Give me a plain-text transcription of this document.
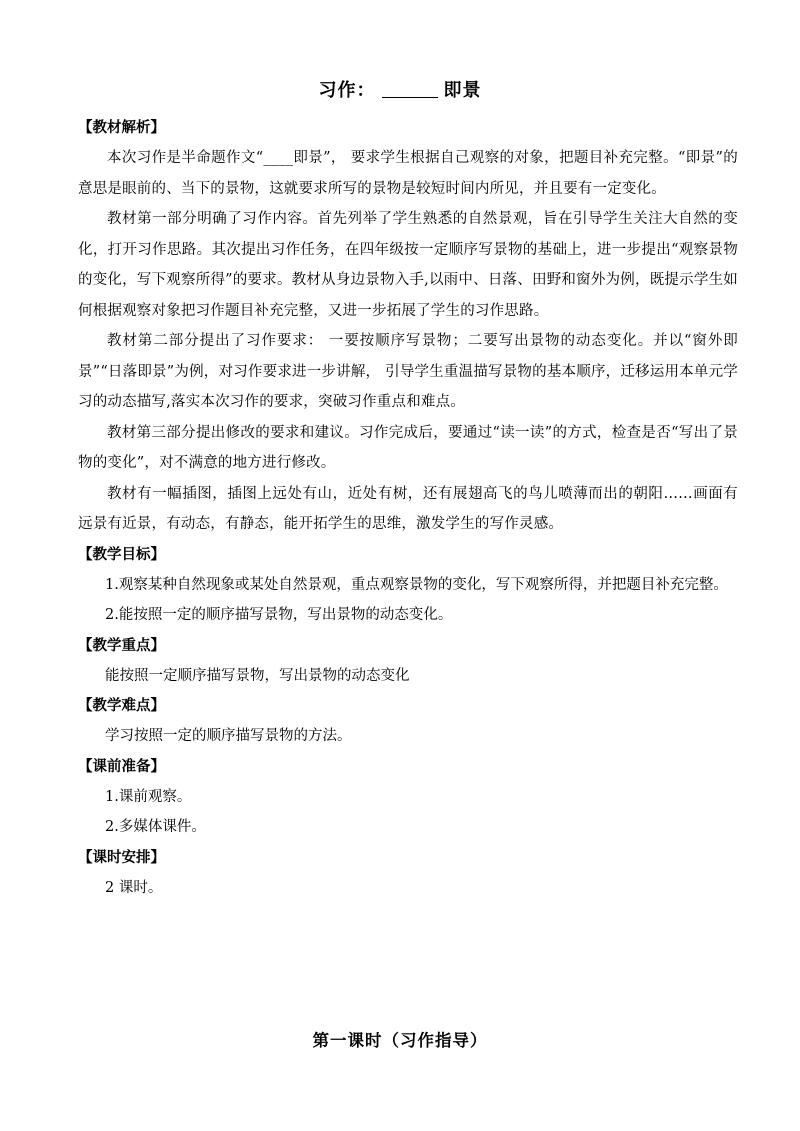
习作：	即景

【教材解析】

本次习作是半命题作文“____即景”， 要求学生根据自己观察的对象，把题目补充完整。“即景”的意思是眼前的、当下的景物，这就要求所写的景物是较短时间内所见，并且要有一定变化。

教材第一部分明确了习作内容。首先列举了学生熟悉的自然景观，旨在引导学生关注大自然的变化，打开习作思路。其次提出习作任务，在四年级按一定顺序写景物的基础上，进一步提出“观察景物的变化，写下观察所得”的要求。教材从身边景物入手,以雨中、日落、田野和窗外为例，既提示学生如何根据观察对象把习作题目补充完整，又进一步拓展了学生的习作思路。

教材第二部分提出了习作要求： 一要按顺序写景物；二要写出景物的动态变化。并以“窗外即景”“日落即景”为例，对习作要求进一步讲解， 引导学生重温描写景物的基本顺序，迁移运用本单元学习的动态描写,落实本次习作的要求，突破习作重点和难点。

教材第三部分提出修改的要求和建议。习作完成后，要通过“读一读”的方式，检查是否“写出了景物的变化”，对不满意的地方进行修改。

教材有一幅插图，插图上远处有山，近处有树，还有展翅高飞的鸟儿喷薄而出的朝阳……画面有远景有近景，有动态，有静态，能开拓学生的思维，激发学生的写作灵感。

【教学目标】

1.观察某种自然现象或某处自然景观，重点观察景物的变化，写下观察所得，并把题目补充完整。

2.能按照一定的顺序描写景物，写出景物的动态变化。

【教学重点】

能按照一定顺序描写景物，写出景物的动态变化

【教学难点】

学习按照一定的顺序描写景物的方法。

【课前准备】

1.课前观察。

2.多媒体课件。

【课时安排】

2 课时。

第一课时（习作指导）
